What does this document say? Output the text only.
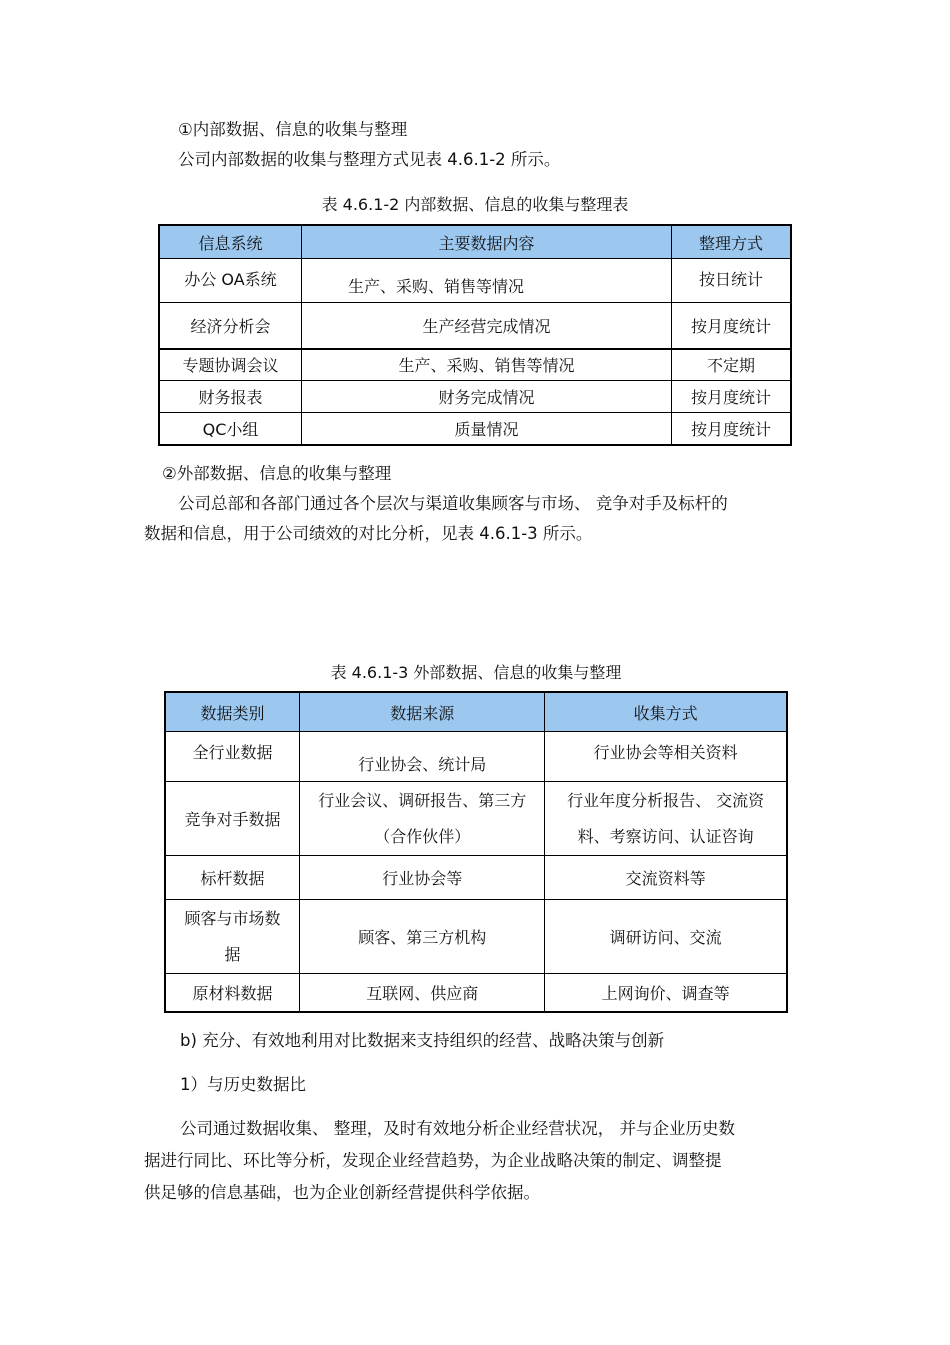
①内部数据、信息的收集与整理
公司内部数据的收集与整理方式见表 4.6.1-2 所示。
表 4.6.1-2 内部数据、信息的收集与整理表
信息系统	主要数据内容	整理方式
办公 OA系统	生产、采购、销售等情况	按日统计
经济分析会	生产经营完成情况	按月度统计
专题协调会议	生产、采购、销售等情况	不定期
财务报表	财务完成情况	按月度统计
QC小组	质量情况	按月度统计
②外部数据、信息的收集与整理
公司总部和各部门通过各个层次与渠道收集顾客与市场、 竞争对手及标杆的
数据和信息，用于公司绩效的对比分析，见表 4.6.1-3 所示。
表 4.6.1-3 外部数据、信息的收集与整理
数据类别	数据来源	收集方式
全行业数据	行业协会、统计局	行业协会等相关资料
竞争对手数据	行业会议、调研报告、第三方（合作伙伴）	行业年度分析报告、 交流资料、考察访问、认证咨询
标杆数据	行业协会等	交流资料等
顾客与市场数据	顾客、第三方机构	调研访问、交流
原材料数据	互联网、供应商	上网询价、调查等
b) 充分、有效地利用对比数据来支持组织的经营、战略决策与创新
1）与历史数据比
公司通过数据收集、 整理，及时有效地分析企业经营状况， 并与企业历史数
据进行同比、环比等分析，发现企业经营趋势，为企业战略决策的制定、调整提
供足够的信息基础，也为企业创新经营提供科学依据。
